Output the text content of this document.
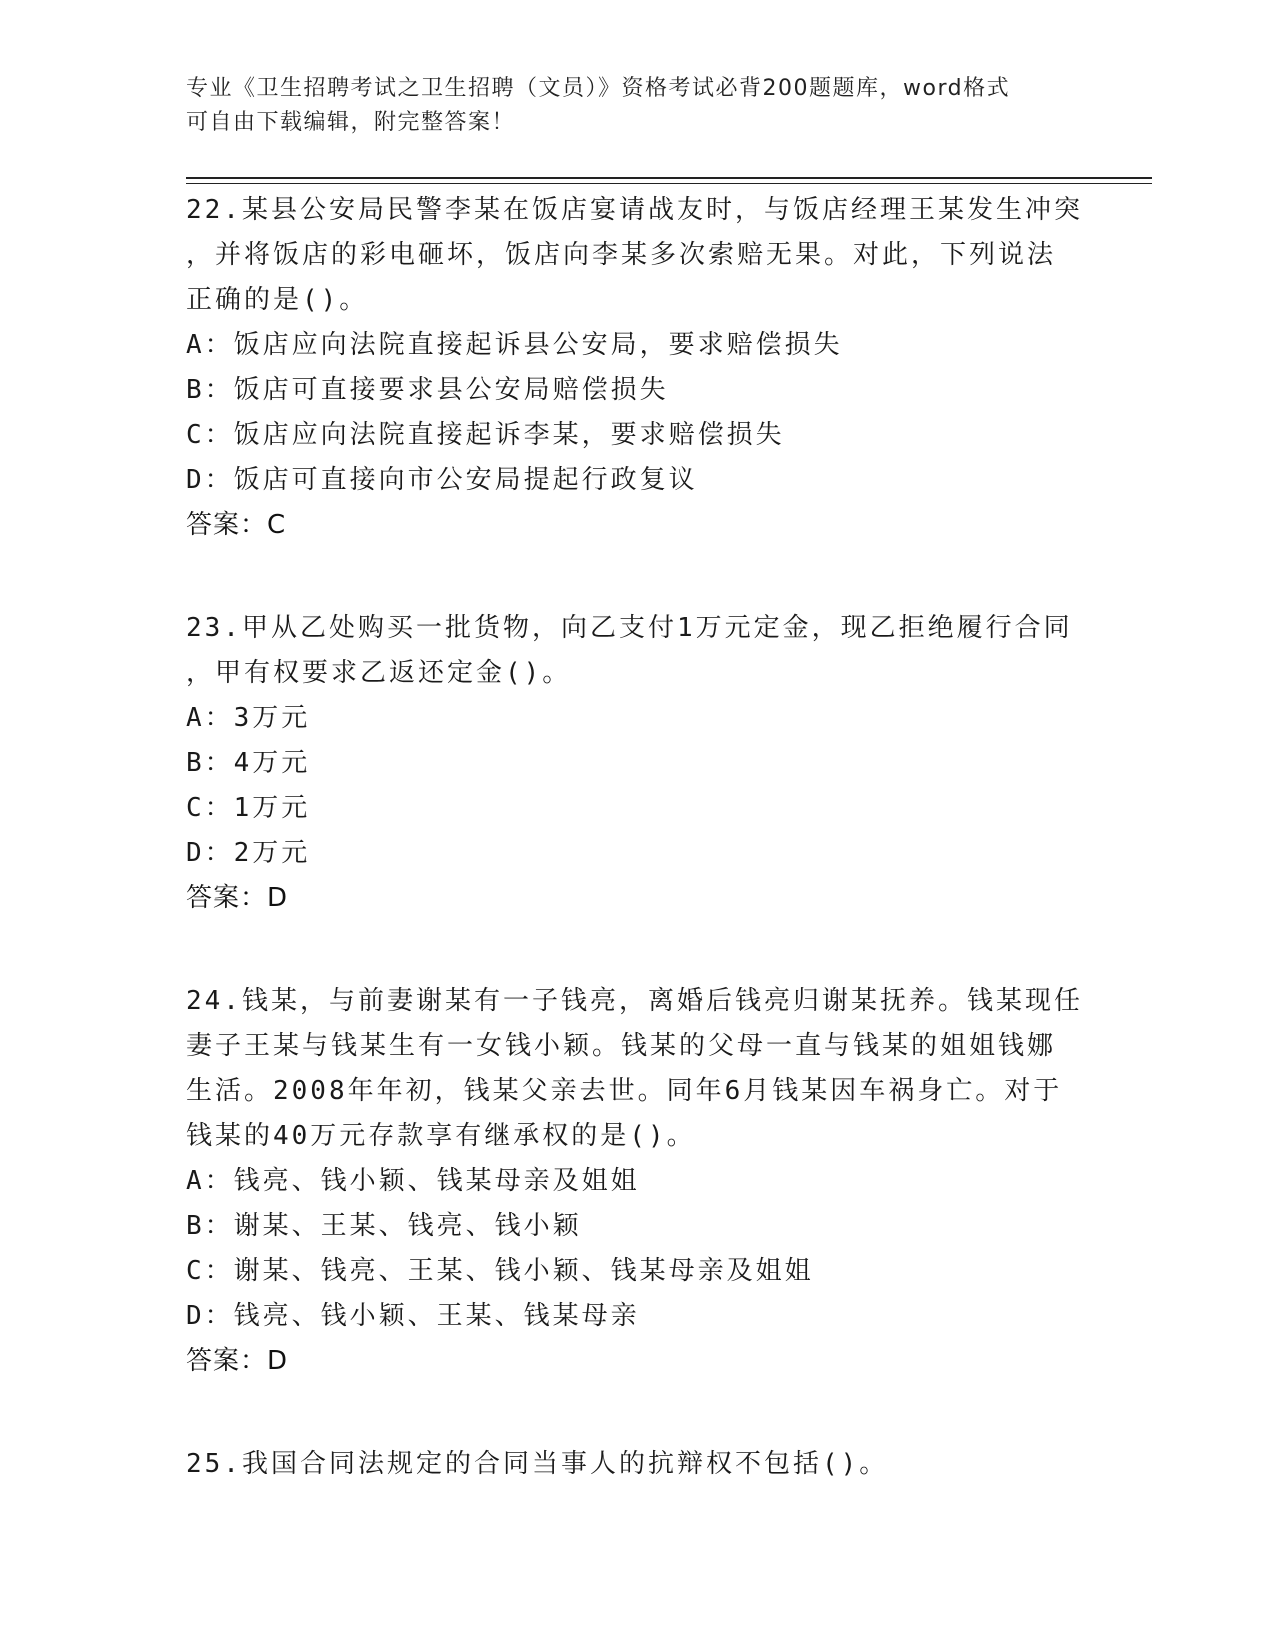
专业《卫生招聘考试之卫生招聘（文员）》资格考试必背200题题库，word格式
可自由下载编辑，附完整答案！
22.某县公安局民警李某在饭店宴请战友时，与饭店经理王某发生冲突
，并将饭店的彩电砸坏，饭店向李某多次索赔无果。对此，下列说法
正确的是()。
A：饭店应向法院直接起诉县公安局，要求赔偿损失
B：饭店可直接要求县公安局赔偿损失
C：饭店应向法院直接起诉李某，要求赔偿损失
D：饭店可直接向市公安局提起行政复议
答案：C
23.甲从乙处购买一批货物，向乙支付1万元定金，现乙拒绝履行合同
，甲有权要求乙返还定金()。
A：3万元
B：4万元
C：1万元
D：2万元
答案：D
24.钱某，与前妻谢某有一子钱亮，离婚后钱亮归谢某抚养。钱某现任
妻子王某与钱某生有一女钱小颖。钱某的父母一直与钱某的姐姐钱娜
生活。2008年年初，钱某父亲去世。同年6月钱某因车祸身亡。对于
钱某的40万元存款享有继承权的是()。
A：钱亮、钱小颖、钱某母亲及姐姐
B：谢某、王某、钱亮、钱小颖
C：谢某、钱亮、王某、钱小颖、钱某母亲及姐姐
D：钱亮、钱小颖、王某、钱某母亲
答案：D
25.我国合同法规定的合同当事人的抗辩权不包括()。
